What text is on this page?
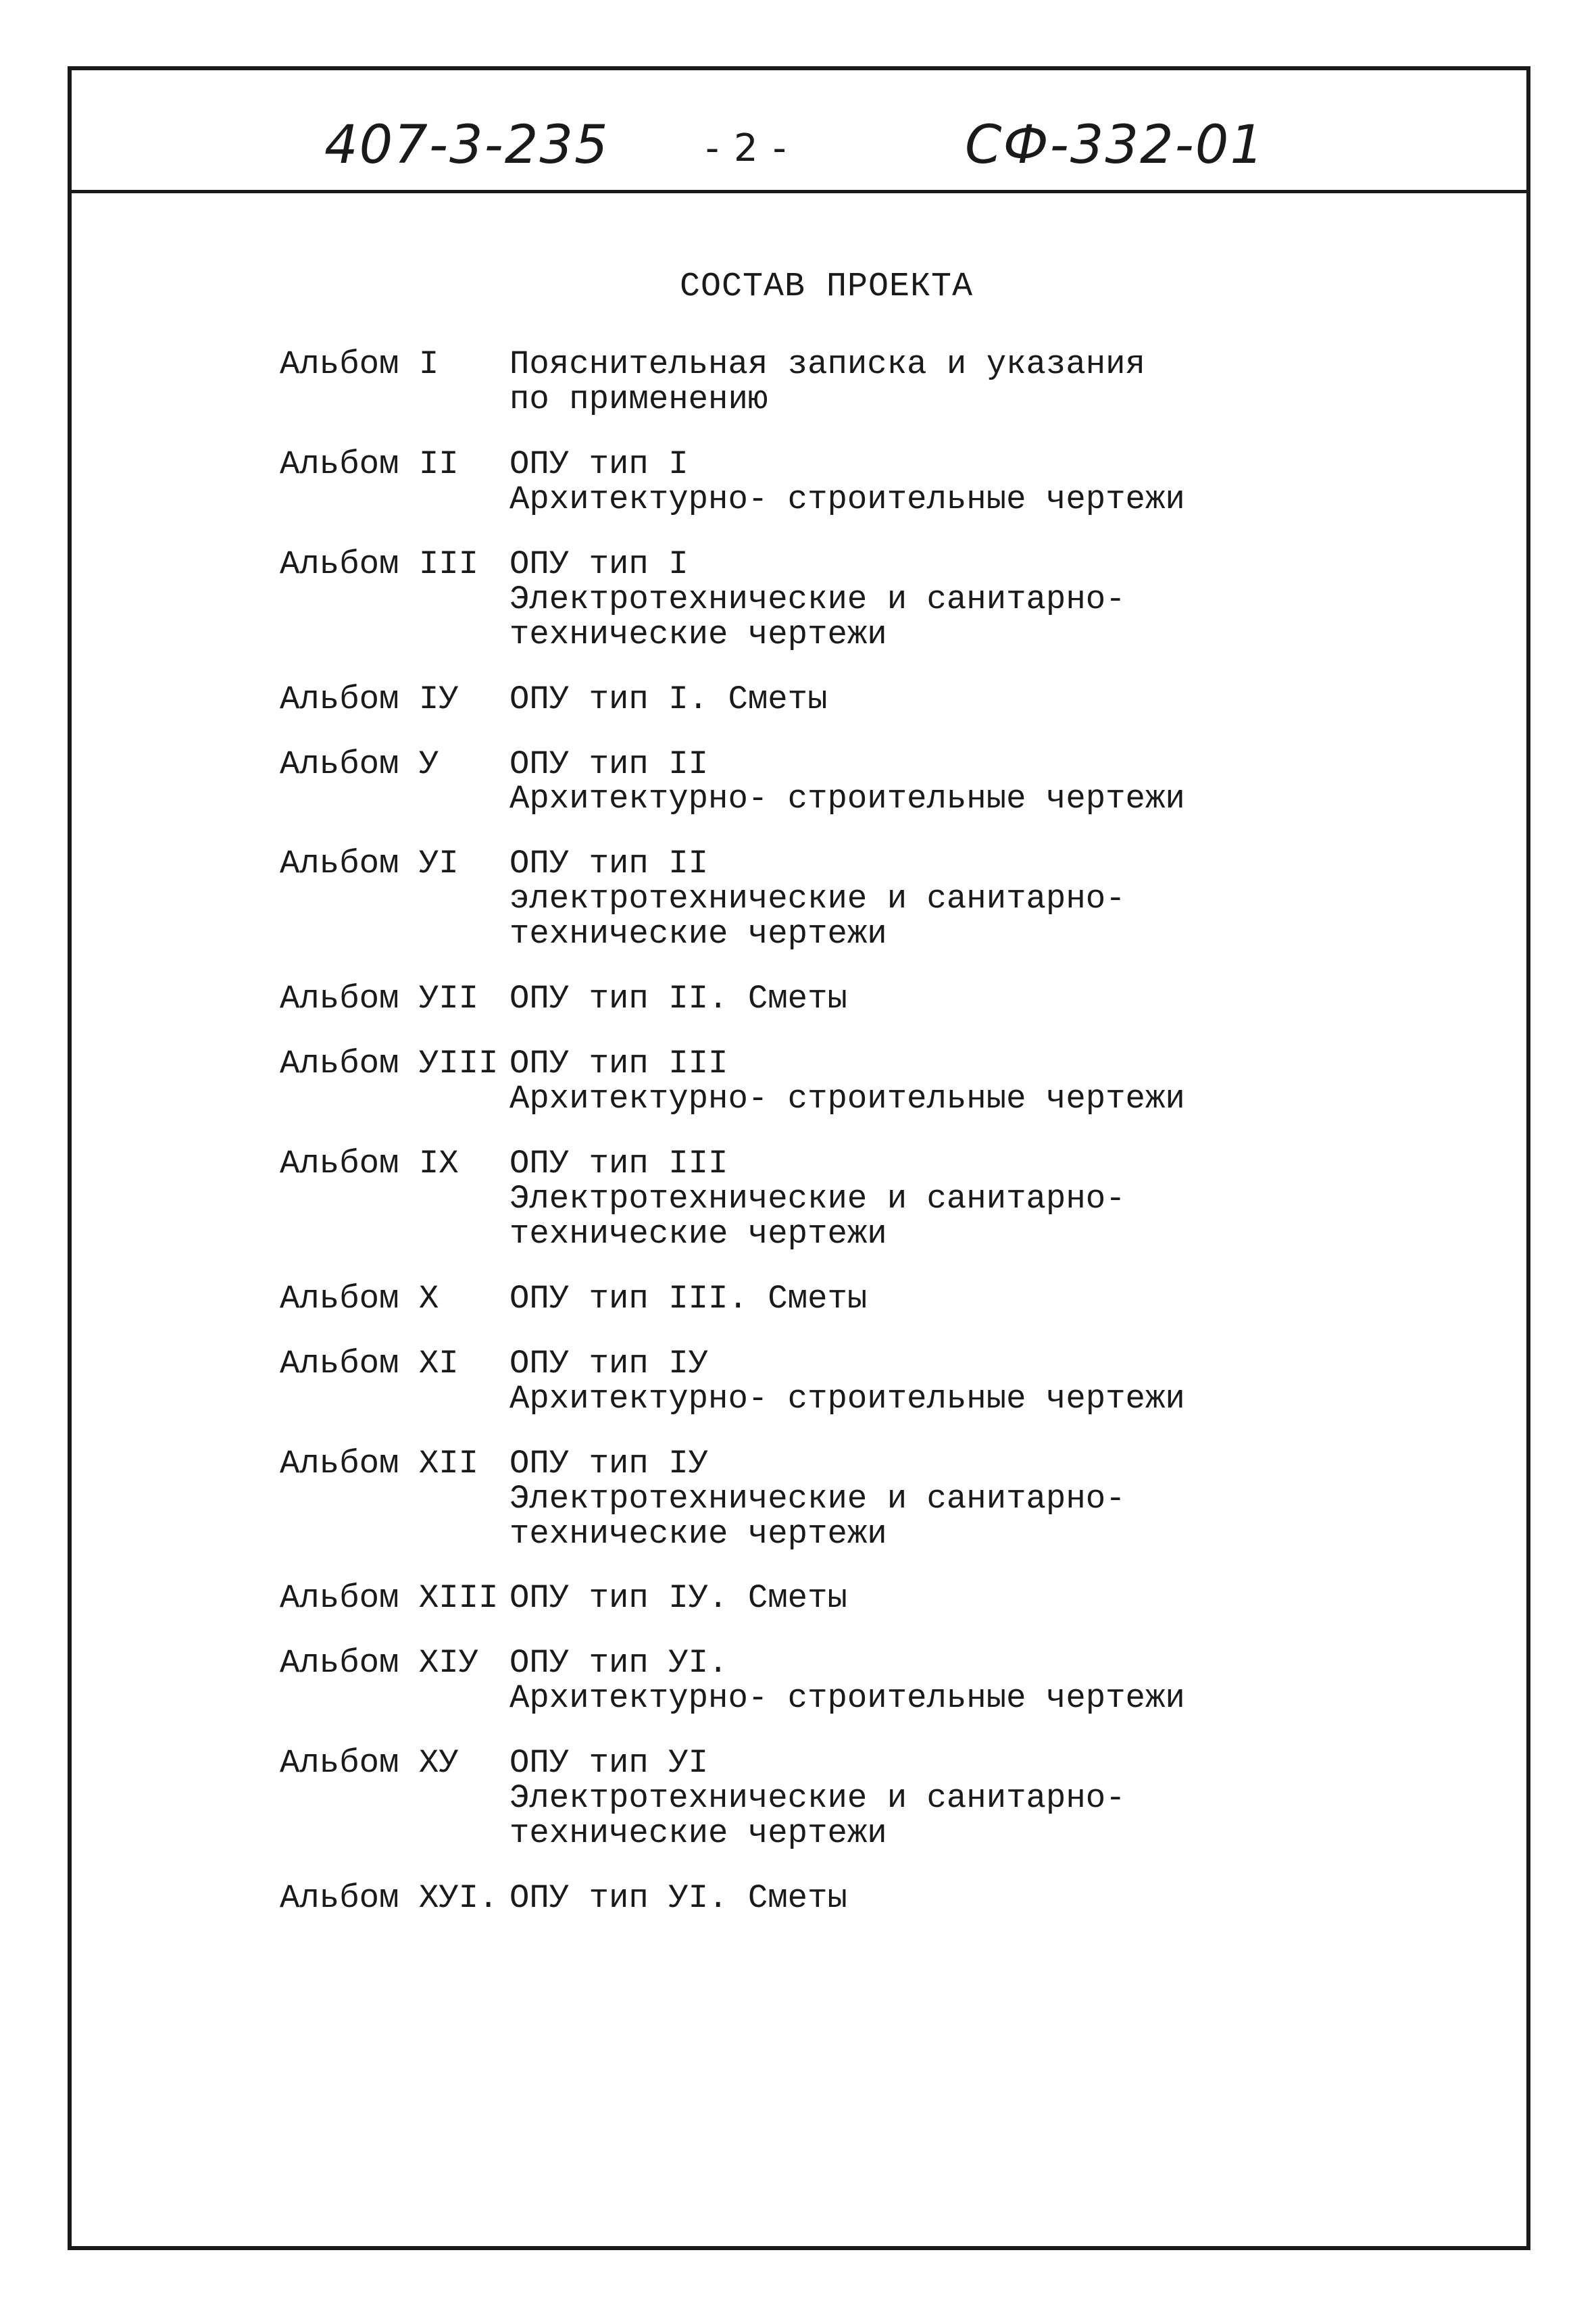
407-3-235	- 2 -	СФ-332-01
СОСТАВ ПРОЕКТА
Альбом I	Пояснительная записка и указания
по применению
Альбом II	ОПУ тип I
Архитектурно- строительные чертежи
Альбом III ОПУ тип I
Электротехнические и санитарно-
технические чертежи
Альбом IУ	ОПУ тип I. Сметы
Альбом У	ОПУ тип II
Архитектурно- строительные чертежи
Альбом УI	ОПУ тип II
электротехнические и санитарно-
технические чертежи
Альбом УII ОПУ тип II. Сметы
Альбом УIII ОПУ тип III
Архитектурно- строительные чертежи
Альбом IX	ОПУ тип III
Электротехнические и санитарно-
технические чертежи
Альбом X	ОПУ тип III. Сметы
Альбом XI	ОПУ тип IУ
Архитектурно- строительные чертежи
Альбом XII ОПУ тип IУ
Электротехнические и санитарно-
технические чертежи
Альбом XIII ОПУ тип IУ. Сметы
Альбом XIУ ОПУ тип УI.
Архитектурно- строительные чертежи
Альбом XУ	ОПУ тип УI
Электротехнические и санитарно-
технические чертежи
Альбом XУI. ОПУ тип УI. Сметы
